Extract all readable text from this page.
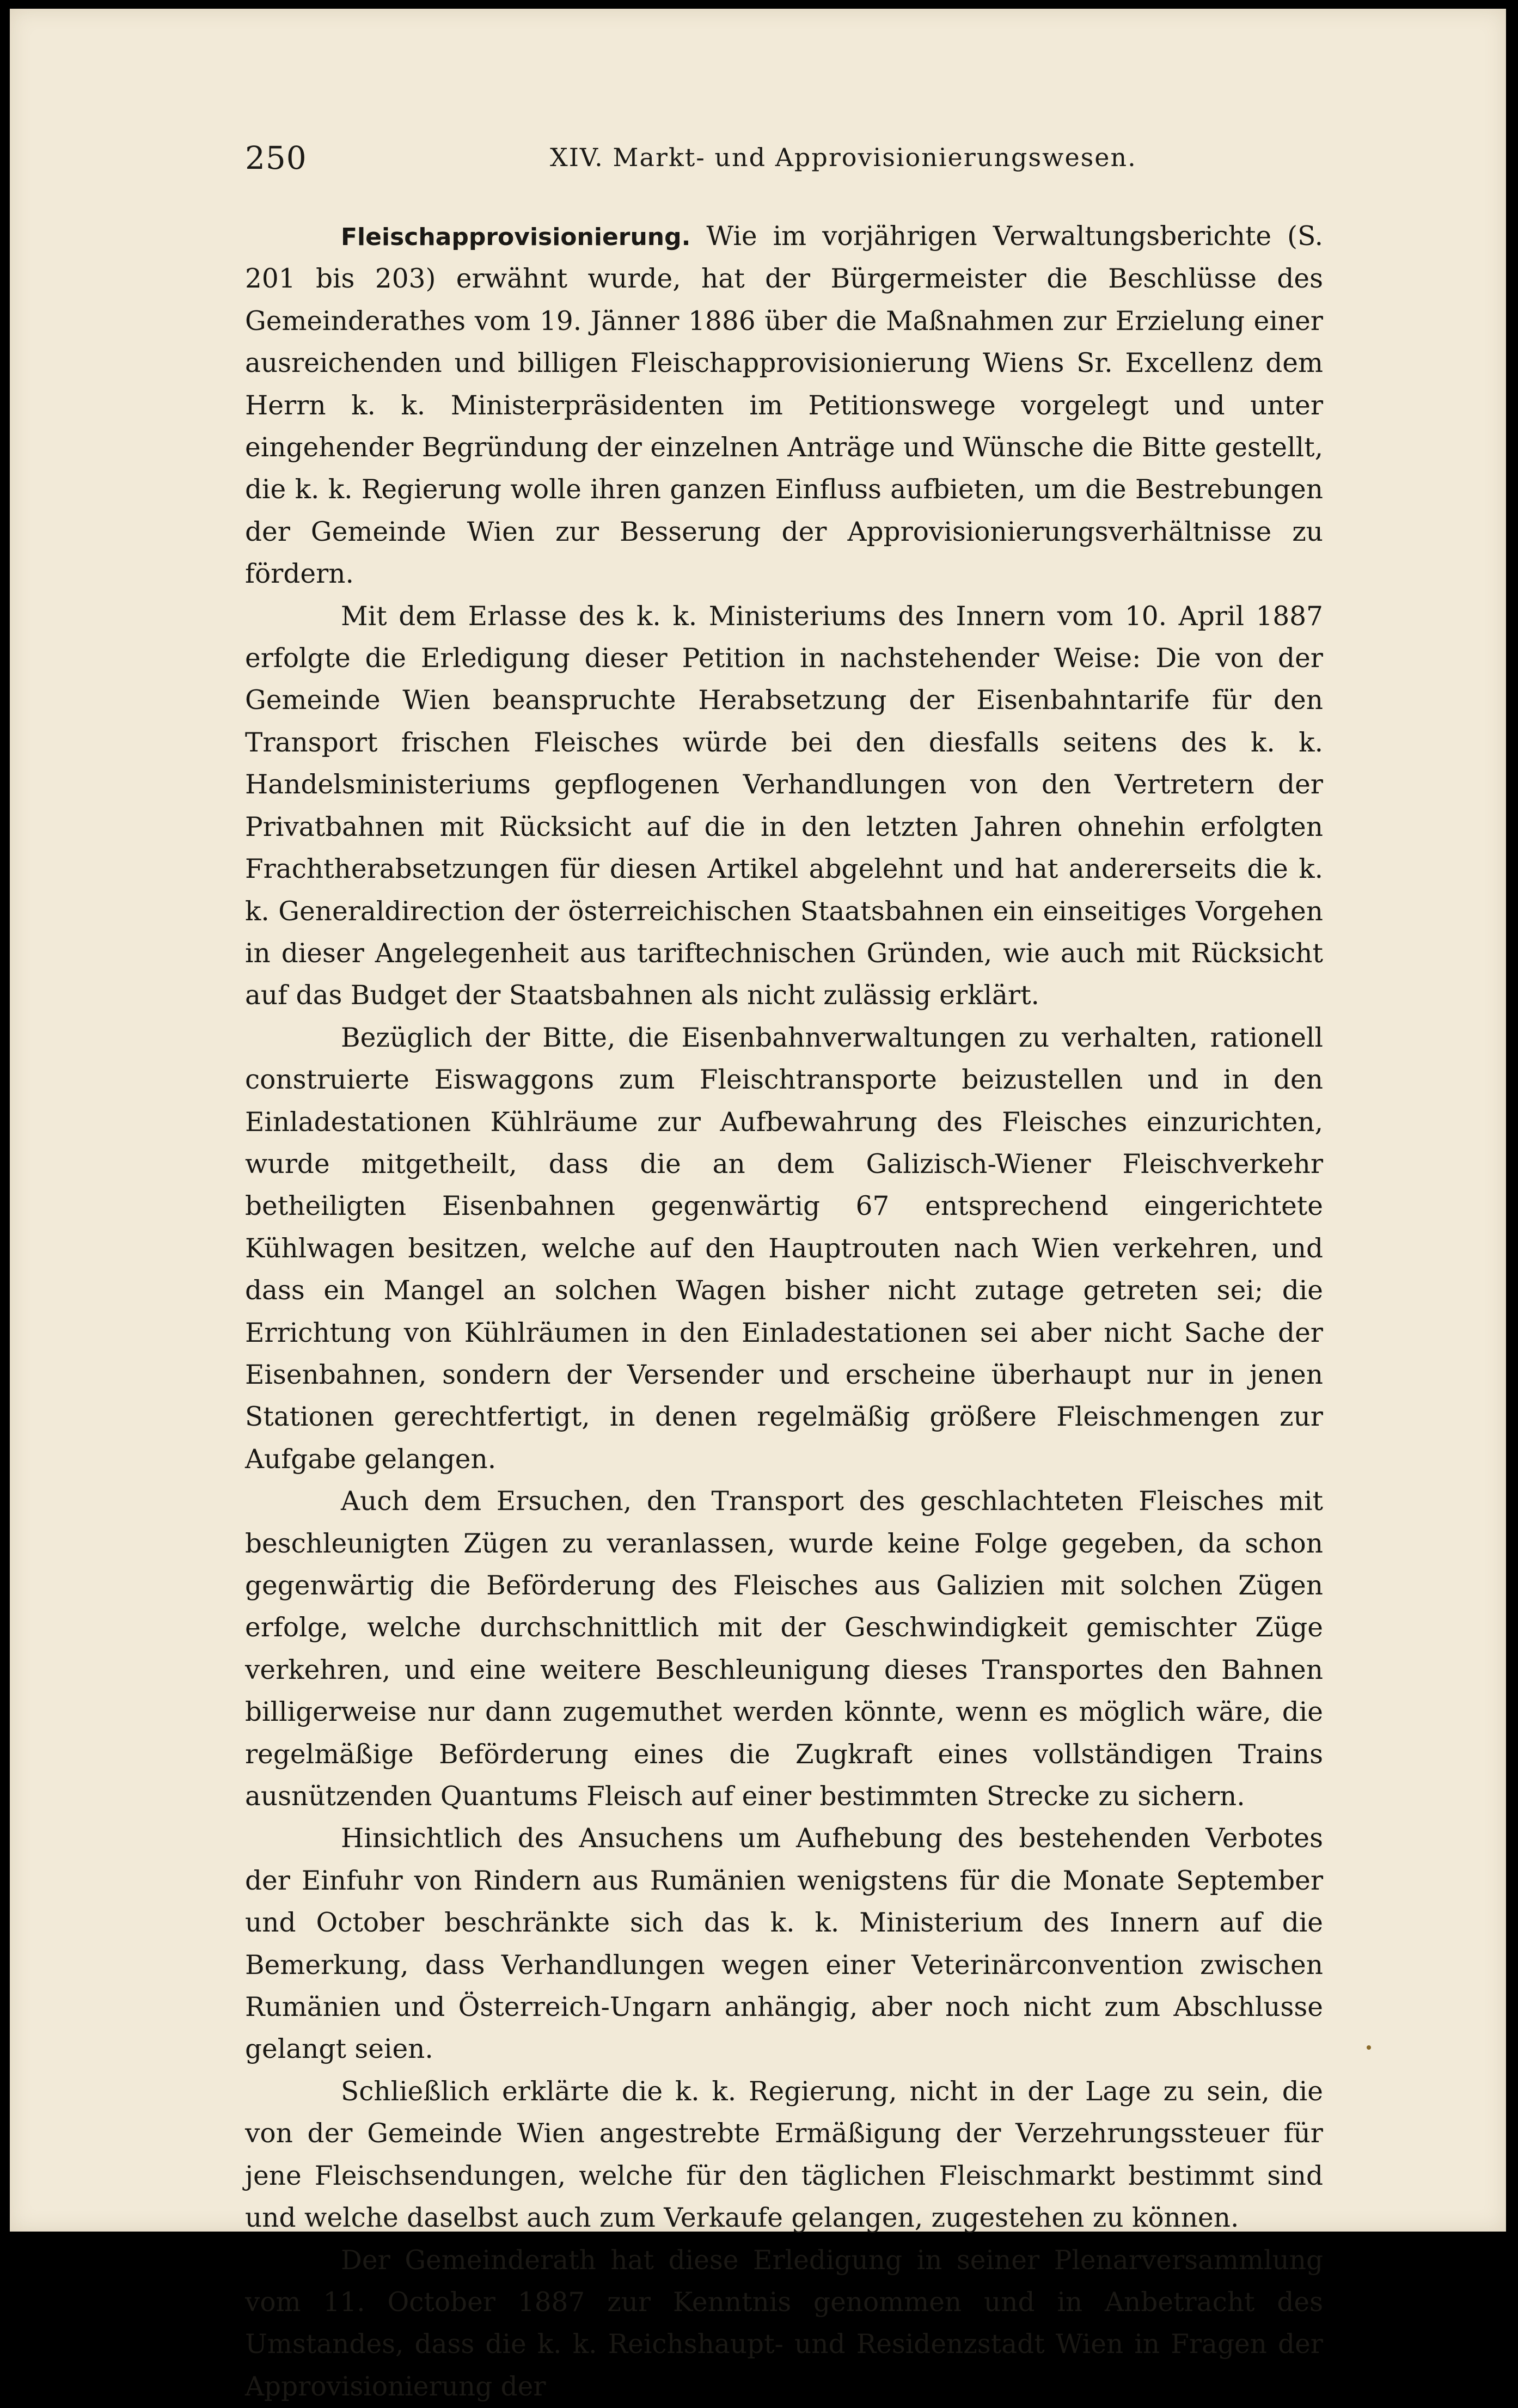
250	XIV. Markt- und Approvisionierungswesen.

Fleischapprovisionierung. Wie im vorjährigen Verwaltungsberichte (S. 201 bis 203) erwähnt wurde, hat der Bürgermeister die Beschlüsse des Gemeinderathes vom 19. Jänner 1886 über die Maßnahmen zur Erzielung einer ausreichenden und billigen Fleischapprovisionierung Wiens Sr. Excellenz dem Herrn k. k. Ministerpräsidenten im Petitionswege vorgelegt und unter eingehender Begründung der einzelnen Anträge und Wünsche die Bitte gestellt, die k. k. Regierung wolle ihren ganzen Einfluss aufbieten, um die Bestrebungen der Gemeinde Wien zur Besserung der Approvisionierungsverhältnisse zu fördern.

Mit dem Erlasse des k. k. Ministeriums des Innern vom 10. April 1887 erfolgte die Erledigung dieser Petition in nachstehender Weise: Die von der Gemeinde Wien beanspruchte Herabsetzung der Eisenbahntarife für den Transport frischen Fleisches würde bei den diesfalls seitens des k. k. Handelsministeriums gepflogenen Verhandlungen von den Vertretern der Privatbahnen mit Rücksicht auf die in den letzten Jahren ohnehin erfolgten Frachtherabsetzungen für diesen Artikel abgelehnt und hat andererseits die k. k. Generaldirection der österreichischen Staatsbahnen ein einseitiges Vorgehen in dieser Angelegenheit aus tariftechnischen Gründen, wie auch mit Rücksicht auf das Budget der Staatsbahnen als nicht zulässig erklärt.

Bezüglich der Bitte, die Eisenbahnverwaltungen zu verhalten, rationell construierte Eiswaggons zum Fleischtransporte beizustellen und in den Einladestationen Kühlräume zur Aufbewahrung des Fleisches einzurichten, wurde mitgetheilt, dass die an dem Galizisch-Wiener Fleischverkehr betheiligten Eisenbahnen gegenwärtig 67 entsprechend eingerichtete Kühlwagen besitzen, welche auf den Hauptrouten nach Wien verkehren, und dass ein Mangel an solchen Wagen bisher nicht zutage getreten sei; die Errichtung von Kühlräumen in den Einladestationen sei aber nicht Sache der Eisenbahnen, sondern der Versender und erscheine überhaupt nur in jenen Stationen gerechtfertigt, in denen regelmäßig größere Fleischmengen zur Aufgabe gelangen.

Auch dem Ersuchen, den Transport des geschlachteten Fleisches mit beschleunigten Zügen zu veranlassen, wurde keine Folge gegeben, da schon gegenwärtig die Beförderung des Fleisches aus Galizien mit solchen Zügen erfolge, welche durchschnittlich mit der Geschwindigkeit gemischter Züge verkehren, und eine weitere Beschleunigung dieses Transportes den Bahnen billigerweise nur dann zugemuthet werden könnte, wenn es möglich wäre, die regelmäßige Beförderung eines die Zugkraft eines vollständigen Trains ausnützenden Quantums Fleisch auf einer bestimmten Strecke zu sichern.

Hinsichtlich des Ansuchens um Aufhebung des bestehenden Verbotes der Einfuhr von Rindern aus Rumänien wenigstens für die Monate September und October beschränkte sich das k. k. Ministerium des Innern auf die Bemerkung, dass Verhandlungen wegen einer Veterinärconvention zwischen Rumänien und Österreich-Ungarn anhängig, aber noch nicht zum Abschlusse gelangt seien.

Schließlich erklärte die k. k. Regierung, nicht in der Lage zu sein, die von der Gemeinde Wien angestrebte Ermäßigung der Verzehrungssteuer für jene Fleischsendungen, welche für den täglichen Fleischmarkt bestimmt sind und welche daselbst auch zum Verkaufe gelangen, zugestehen zu können.

Der Gemeinderath hat diese Erledigung in seiner Plenarversammlung vom 11. October 1887 zur Kenntnis genommen und in Anbetracht des Umstandes, dass die k. k. Reichshaupt- und Residenzstadt Wien in Fragen der Approvisionierung der
